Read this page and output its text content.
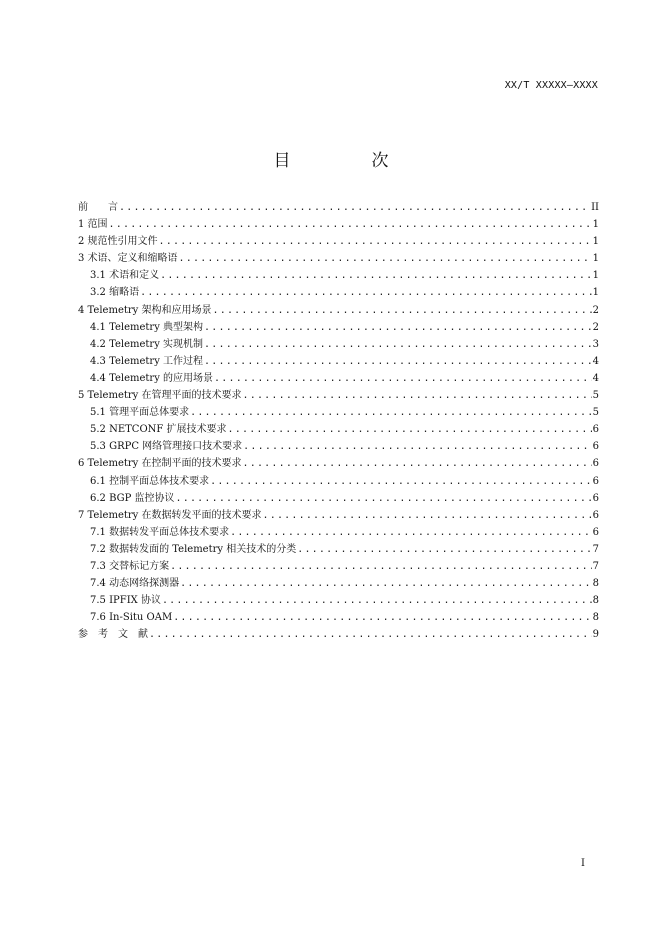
XX/T XXXXX—XXXX
目　次
前　　言 .....	II
1 范围 .....	1
2 规范性引用文件 .....	1
3 术语、定义和缩略语 .....	1
3.1 术语和定义 .....	1
3.2 缩略语 .....	1
4 Telemetry 架构和应用场景 .....	2
4.1 Telemetry 典型架构 .....	2
4.2 Telemetry 实现机制 .....	3
4.3 Telemetry 工作过程 .....	4
4.4 Telemetry 的应用场景 .....	4
5 Telemetry 在管理平面的技术要求 .....	5
5.1 管理平面总体要求 .....	5
5.2 NETCONF 扩展技术要求 .....	6
5.3 GRPC 网络管理接口技术要求 .....	6
6 Telemetry 在控制平面的技术要求 .....	6
6.1 控制平面总体技术要求 .....	6
6.2 BGP 监控协议 .....	6
7 Telemetry 在数据转发平面的技术要求 .....	6
7.1 数据转发平面总体技术要求 .....	6
7.2 数据转发面的 Telemetry 相关技术的分类 .....	7
7.3 交替标记方案 .....	7
7.4 动态网络探测器 .....	8
7.5 IPFIX 协议 .....	8
7.6 In-Situ OAM .....	8
参　考　文　献 .....	9
I
